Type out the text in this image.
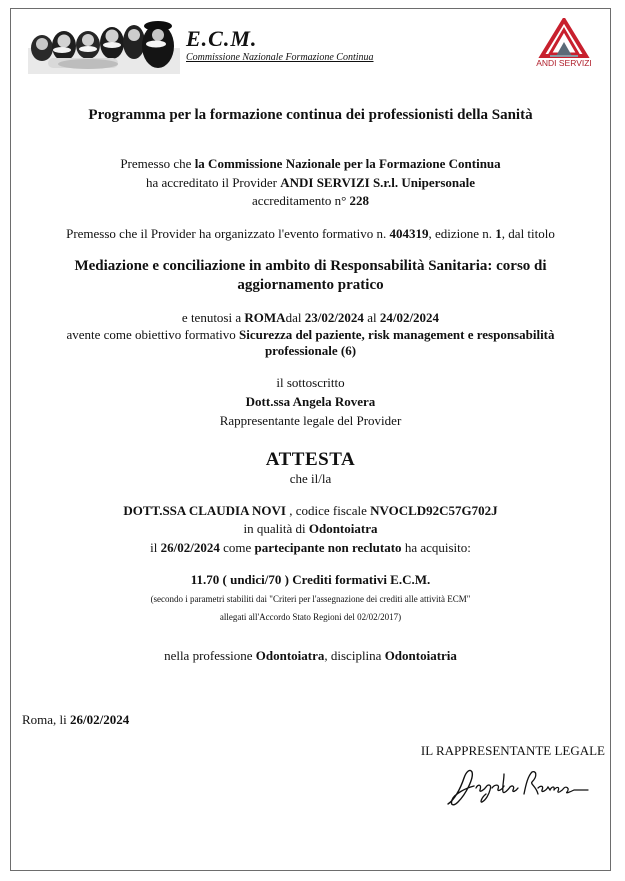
E.C.M.
Commissione Nazionale Formazione Continua	ANDI SERVIZI
Programma per la formazione continua dei professionisti della Sanità
Premesso che la Commissione Nazionale per la Formazione Continua
ha accreditato il Provider ANDI SERVIZI S.r.l. Unipersonale
accreditamento n° 228
Premesso che il Provider ha organizzato l'evento formativo n. 404319, edizione n. 1, dal titolo
Mediazione e conciliazione in ambito di Responsabilità Sanitaria: corso di aggiornamento pratico
e tenutosi a ROMAdal 23/02/2024 al 24/02/2024
avente come obiettivo formativo Sicurezza del paziente, risk management e responsabilità professionale (6)
il sottoscritto
Dott.ssa Angela Rovera
Rappresentante legale del Provider
ATTESTA
che il/la
DOTT.SSA CLAUDIA NOVI , codice fiscale NVOCLD92C57G702J
in qualità di Odontoiatra
il 26/02/2024 come partecipante non reclutato ha acquisito:
11.70 ( undici/70 ) Crediti formativi E.C.M.
(secondo i parametri stabiliti dai "Criteri per l'assegnazione dei crediti alle attività ECM"
allegati all'Accordo Stato Regioni del 02/02/2017)
nella professione Odontoiatra, disciplina Odontoiatria
Roma, li 26/02/2024
IL RAPPRESENTANTE LEGALE
